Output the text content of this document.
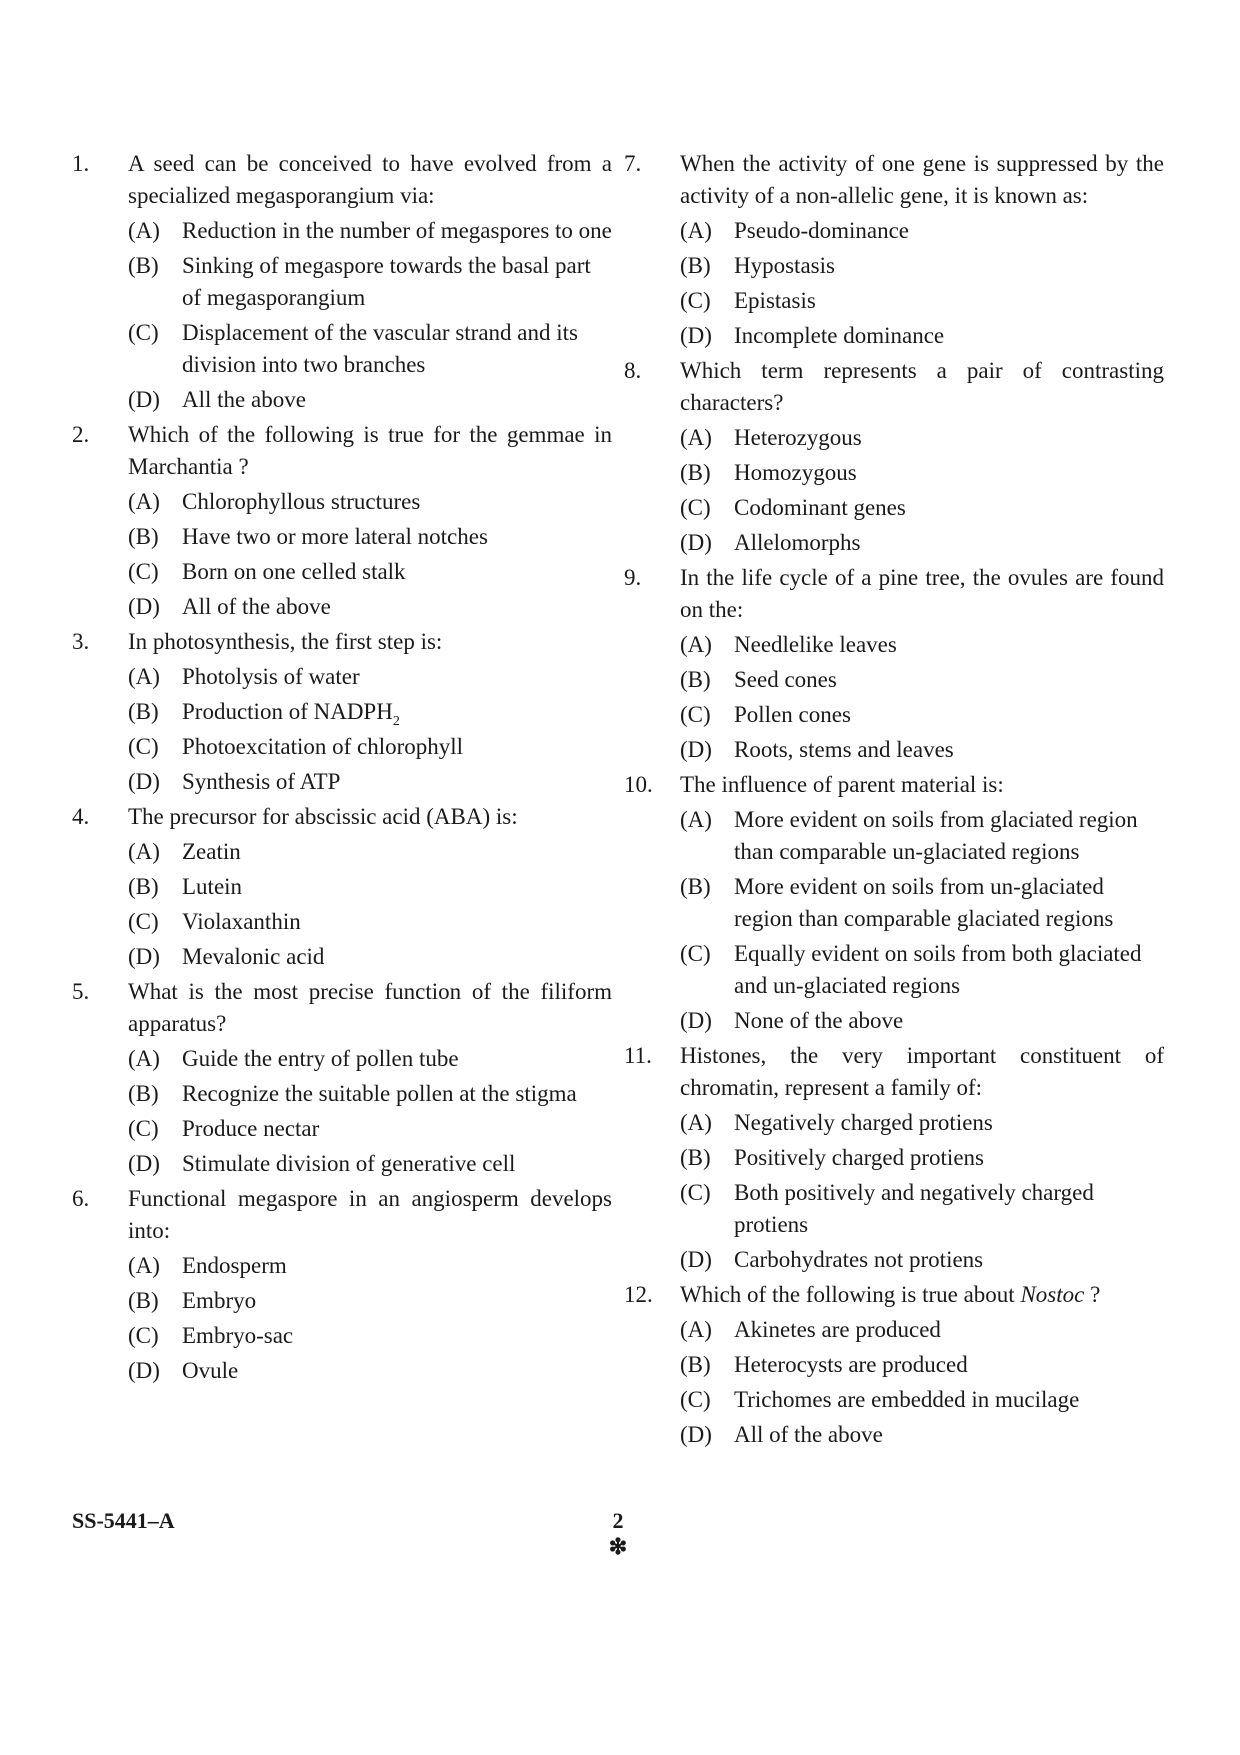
1. A seed can be conceived to have evolved from a specialized megasporangium via:
(A) Reduction in the number of megaspores to one
(B) Sinking of megaspore towards the basal part of megasporangium
(C) Displacement of the vascular strand and its division into two branches
(D) All the above
2. Which of the following is true for the gemmae in Marchantia ?
(A) Chlorophyllous structures
(B) Have two or more lateral notches
(C) Born on one celled stalk
(D) All of the above
3. In photosynthesis, the first step is:
(A) Photolysis of water
(B) Production of $NADPH_2$
(C) Photoexcitation of chlorophyll
(D) Synthesis of ATP
4. The precursor for abscissic acid (ABA) is:
(A) Zeatin
(B) Lutein
(C) Violaxanthin
(D) Mevalonic acid
5. What is the most precise function of the filiform apparatus?
(A) Guide the entry of pollen tube
(B) Recognize the suitable pollen at the stigma
(C) Produce nectar
(D) Stimulate division of generative cell
6. Functional megaspore in an angiosperm develops into:
(A) Endosperm
(B) Embryo
(C) Embryo-sac
(D) Ovule
7. When the activity of one gene is suppressed by the activity of a non-allelic gene, it is known as:
(A) Pseudo-dominance
(B) Hypostasis
(C) Epistasis
(D) Incomplete dominance
8. Which term represents a pair of contrasting characters?
(A) Heterozygous
(B) Homozygous
(C) Codominant genes
(D) Allelomorphs
9. In the life cycle of a pine tree, the ovules are found on the:
(A) Needlelike leaves
(B) Seed cones
(C) Pollen cones
(D) Roots, stems and leaves
10. The influence of parent material is:
(A) More evident on soils from glaciated region than comparable un-glaciated regions
(B) More evident on soils from un-glaciated region than comparable glaciated regions
(C) Equally evident on soils from both glaciated and un-glaciated regions
(D) None of the above
11. Histones, the very important constituent of chromatin, represent a family of:
(A) Negatively charged protiens
(B) Positively charged protiens
(C) Both positively and negatively charged protiens
(D) Carbohydrates not protiens
12. Which of the following is true about Nostoc ?
(A) Akinetes are produced
(B) Heterocysts are produced
(C) Trichomes are embedded in mucilage
(D) All of the above
SS-5441–A	2
❇
